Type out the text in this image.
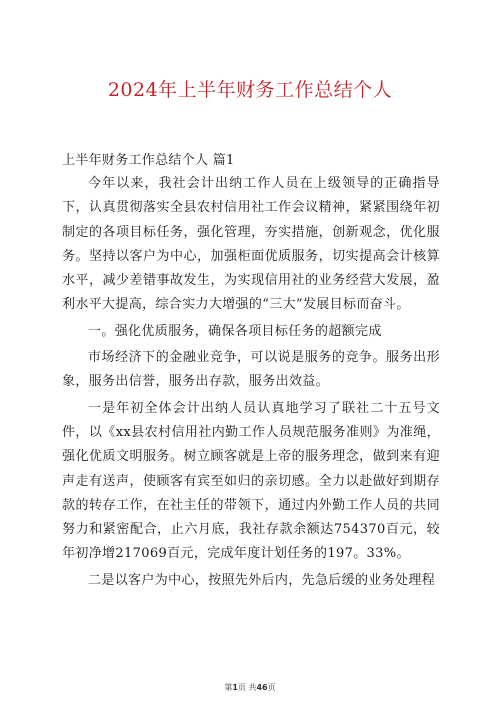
2024年上半年财务工作总结个人
上半年财务工作总结个人 篇1

今年以来，我社会计出纳工作人员在上级领导的正确指导下，认真贯彻落实全县农村信用社工作会议精神，紧紧围绕年初制定的各项目标任务，强化管理，夯实措施，创新观念，优化服务。坚持以客户为中心，加强柜面优质服务，切实提高会计核算水平，减少差错事故发生，为实现信用社的业务经营大发展，盈利水平大提高，综合实力大增强的“三大”发展目标而奋斗。

一。强化优质服务，确保各项目标任务的超额完成

市场经济下的金融业竞争，可以说是服务的竞争。服务出形象，服务出信誉，服务出存款，服务出效益。

一是年初全体会计出纳人员认真地学习了联社二十五号文件，以《xx县农村信用社内勤工作人员规范服务准则》为准绳，强化优质文明服务。树立顾客就是上帝的服务理念，做到来有迎声走有送声，使顾客有宾至如归的亲切感。全力以赴做好到期存款的转存工作，在社主任的带领下，通过内外勤工作人员的共同努力和紧密配合，止六月底，我社存款余额达754370百元，较年初净增217069百元，完成年度计划任务的197。33%。

二是以客户为中心，按照先外后内，先急后缓的业务处理程

第1页 共46页
